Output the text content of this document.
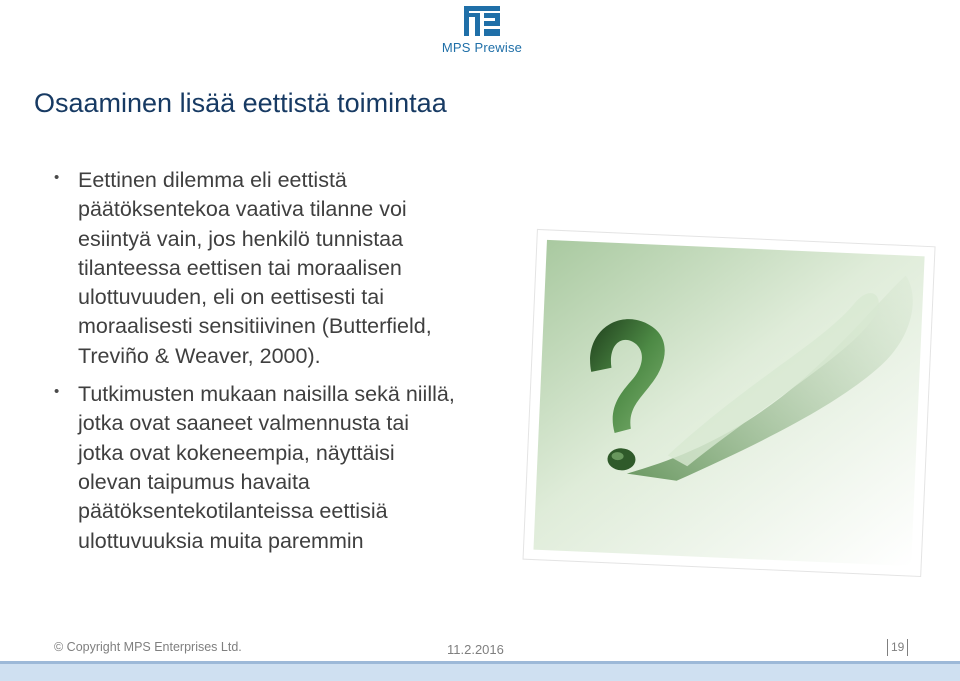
MPS Prewise
Osaaminen lisää eettistä toimintaa
• Eettinen dilemma eli eettistä
päätöksentekoa vaativa tilanne voi
esiintyä vain, jos henkilö tunnistaa
tilanteessa eettisen tai moraalisen
ulottuvuuden, eli on eettisesti tai
moraalisesti sensitiivinen (Butterfield,
Treviño & Weaver, 2000).
• Tutkimusten mukaan naisilla sekä niillä,
jotka ovat saaneet valmennusta tai
jotka ovat kokeneempia, näyttäisi
olevan taipumus havaita
päätöksentekotilanteissa eettisiä
ulottuvuuksia muita paremmin
© Copyright MPS Enterprises Ltd.	11.2.2016	19
